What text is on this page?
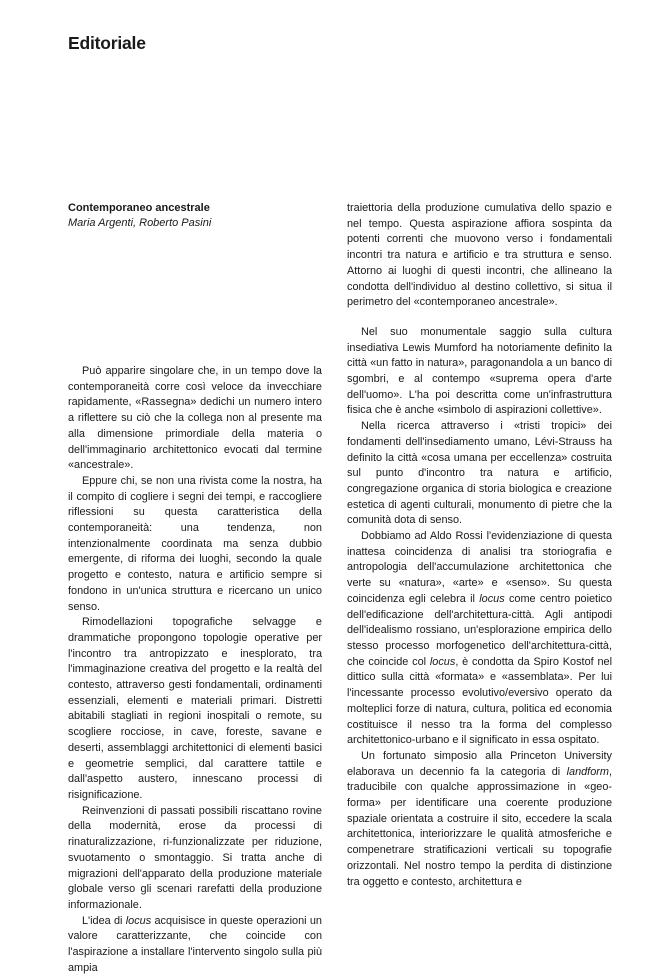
Editoriale
Contemporaneo ancestrale
Maria Argenti, Roberto Pasini

Può apparire singolare che, in un tempo dove la contemporaneità corre così veloce da invecchiare rapidamente, «Rassegna» dedichi un numero intero a riflettere su ciò che la collega non al presente ma alla dimensione primordiale della materia o dell'immaginario architettonico evocati dal termine «ancestrale».

Eppure chi, se non una rivista come la nostra, ha il compito di cogliere i segni dei tempi, e raccogliere riflessioni su questa caratteristica della contemporaneità: una tendenza, non intenzionalmente coordinata ma senza dubbio emergente, di riforma dei luoghi, secondo la quale progetto e contesto, natura e artificio sempre si fondono in un'unica struttura e ricercano un unico senso.

Rimodellazioni topografiche selvagge e drammatiche propongono topologie operative per l'incontro tra antropizzato e inesplorato, tra l'immaginazione creativa del progetto e la realtà del contesto, attraverso gesti fondamentali, ordinamenti essenziali, elementi e materiali primari. Distretti abitabili stagliati in regioni inospitali o remote, su scogliere rocciose, in cave, foreste, savane e deserti, assemblaggi architettonici di elementi basici e geometrie semplici, dal carattere tattile e dall'aspetto austero, innescano processi di risignificazione.

Reinvenzioni di passati possibili riscattano rovine della modernità, erose da processi di rinaturalizzazione, ri-funzionalizzate per riduzione, svuotamento o smontaggio. Si tratta anche di migrazioni dell'apparato della produzione materiale globale verso gli scenari rarefatti della produzione informazionale.

L'idea di locus acquisisce in queste operazioni un valore caratterizzante, che coincide con l'aspirazione a installare l'intervento singolo sulla più ampia

traiettoria della produzione cumulativa dello spazio e nel tempo. Questa aspirazione affiora sospinta da potenti correnti che muovono verso i fondamentali incontri tra natura e artificio e tra struttura e senso. Attorno ai luoghi di questi incontri, che allineano la condotta dell'individuo al destino collettivo, si situa il perimetro del «contemporaneo ancestrale».

Nel suo monumentale saggio sulla cultura insediativa Lewis Mumford ha notoriamente definito la città «un fatto in natura», paragonandola a un banco di sgombri, e al contempo «suprema opera d'arte dell'uomo». L'ha poi descritta come un'infrastruttura fisica che è anche «simbolo di aspirazioni collettive».

Nella ricerca attraverso i «tristi tropici» dei fondamenti dell'insediamento umano, Lévi-Strauss ha definito la città «cosa umana per eccellenza» costruita sul punto d'incontro tra natura e artificio, congregazione organica di storia biologica e creazione estetica di agenti culturali, monumento di pietre che la comunità dota di senso.

Dobbiamo ad Aldo Rossi l'evidenziazione di questa inattesa coincidenza di analisi tra storiografia e antropologia dell'accumulazione architettonica che verte su «natura», «arte» e «senso». Su questa coincidenza egli celebra il locus come centro poietico dell'edificazione dell'architettura-città. Agli antipodi dell'idealismo rossiano, un'esplorazione empirica dello stesso processo morfogenetico dell'architettura-città, che coincide col locus, è condotta da Spiro Kostof nel dittico sulla città «formata» e «assemblata». Per lui l'incessante processo evolutivo/eversivo operato da molteplici forze di natura, cultura, politica ed economia costituisce il nesso tra la forma del complesso architettonico-urbano e il significato in essa ospitato.

Un fortunato simposio alla Princeton University elaborava un decennio fa la categoria di landform, traducibile con qualche approssimazione in «geo-forma» per identificare una coerente produzione spaziale orientata a costruire il sito, eccedere la scala architettonica, interiorizzare le qualità atmosferiche e compenetrare stratificazioni verticali su topografie orizzontali. Nel nostro tempo la perdita di distinzione tra oggetto e contesto, architettura e
